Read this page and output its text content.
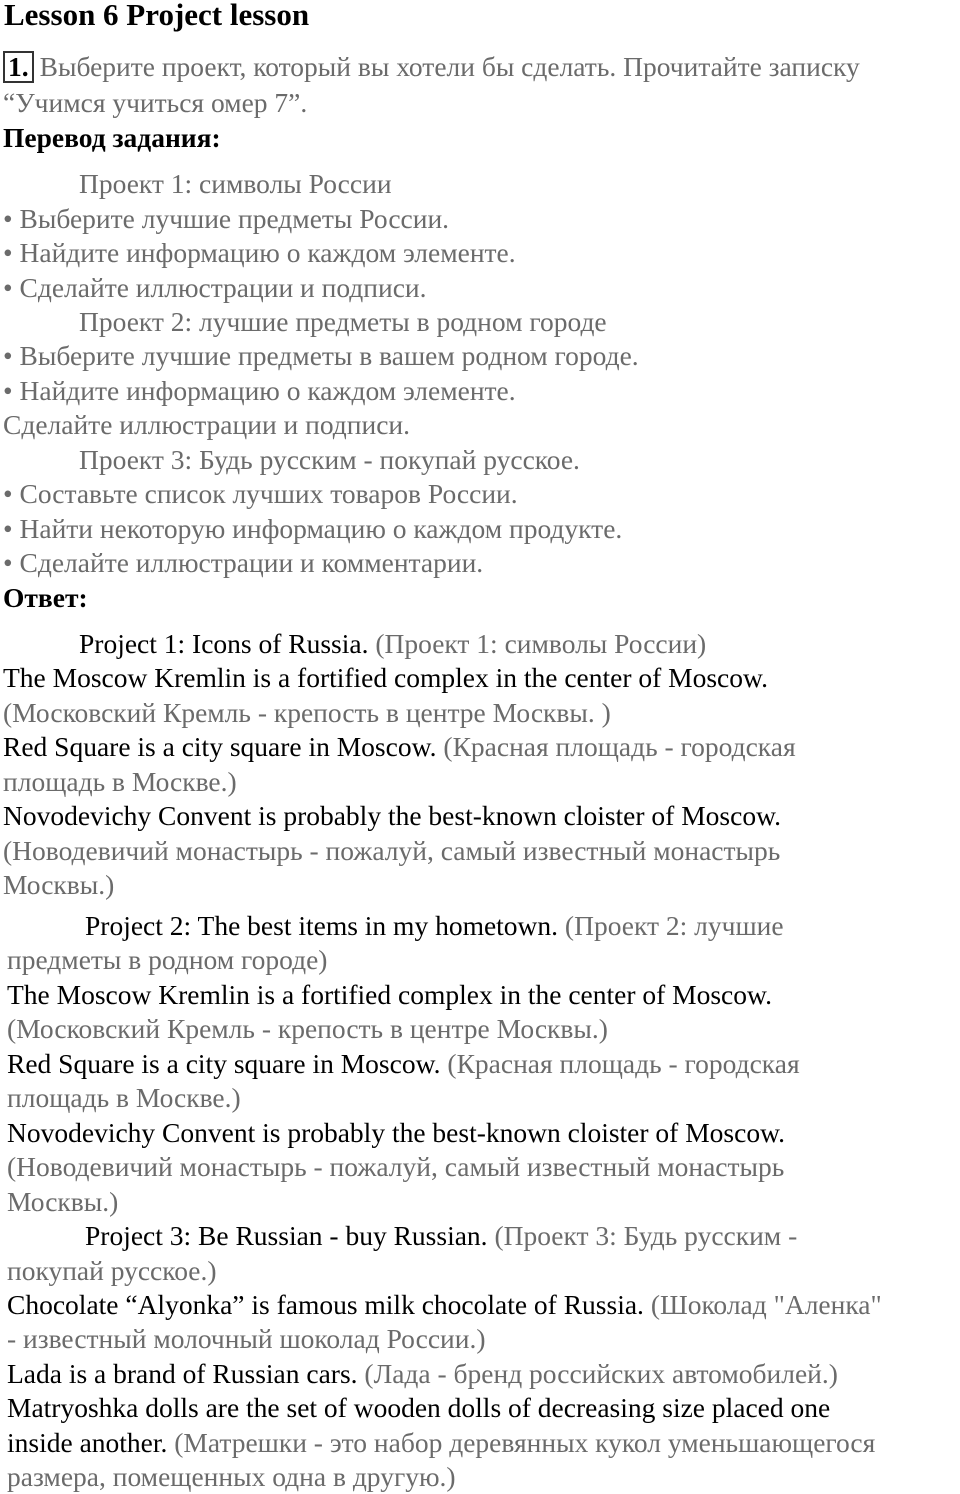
Lesson 6 Project lesson
1. Выберите проект, который вы хотели бы сделать. Прочитайте записку
“Учимся учиться омер 7”.
Перевод задания:
Проект 1: символы России
• Выберите лучшие предметы России.
• Найдите информацию о каждом элементе.
• Сделайте иллюстрации и подписи.
Проект 2: лучшие предметы в родном городе
• Выберите лучшие предметы в вашем родном городе.
• Найдите информацию о каждом элементе.
Сделайте иллюстрации и подписи.
Проект 3: Будь русским - покупай русское.
• Составьте список лучших товаров России.
• Найти некоторую информацию о каждом продукте.
• Сделайте иллюстрации и комментарии.
Ответ:
Project 1: Icons of Russia. (Проект 1: символы России)
The Moscow Kremlin is a fortified complex in the center of Moscow.
(Московский Кремль - крепость в центре Москвы. )
Red Square is a city square in Moscow. (Красная площадь - городская
площадь в Москве.)
Novodevichy Convent is probably the best-known cloister of Moscow.
(Новодевичий монастырь - пожалуй, самый известный монастырь
Москвы.)
Project 2: The best items in my hometown. (Проект 2: лучшие
предметы в родном городе)
The Moscow Kremlin is a fortified complex in the center of Moscow.
(Московский Кремль - крепость в центре Москвы.)
Red Square is a city square in Moscow. (Красная площадь - городская
площадь в Москве.)
Novodevichy Convent is probably the best-known cloister of Moscow.
(Новодевичий монастырь - пожалуй, самый известный монастырь
Москвы.)
Project 3: Be Russian - buy Russian. (Проект 3: Будь русским -
покупай русское.)
Chocolate “Alyonka” is famous milk chocolate of Russia. (Шоколад "Аленка"
- известный молочный шоколад России.)
Lada is a brand of Russian cars. (Лада - бренд российских автомобилей.)
Matryoshka dolls are the set of wooden dolls of decreasing size placed one
inside another. (Матрешки - это набор деревянных кукол уменьшающегося
размера, помещенных одна в другую.)
